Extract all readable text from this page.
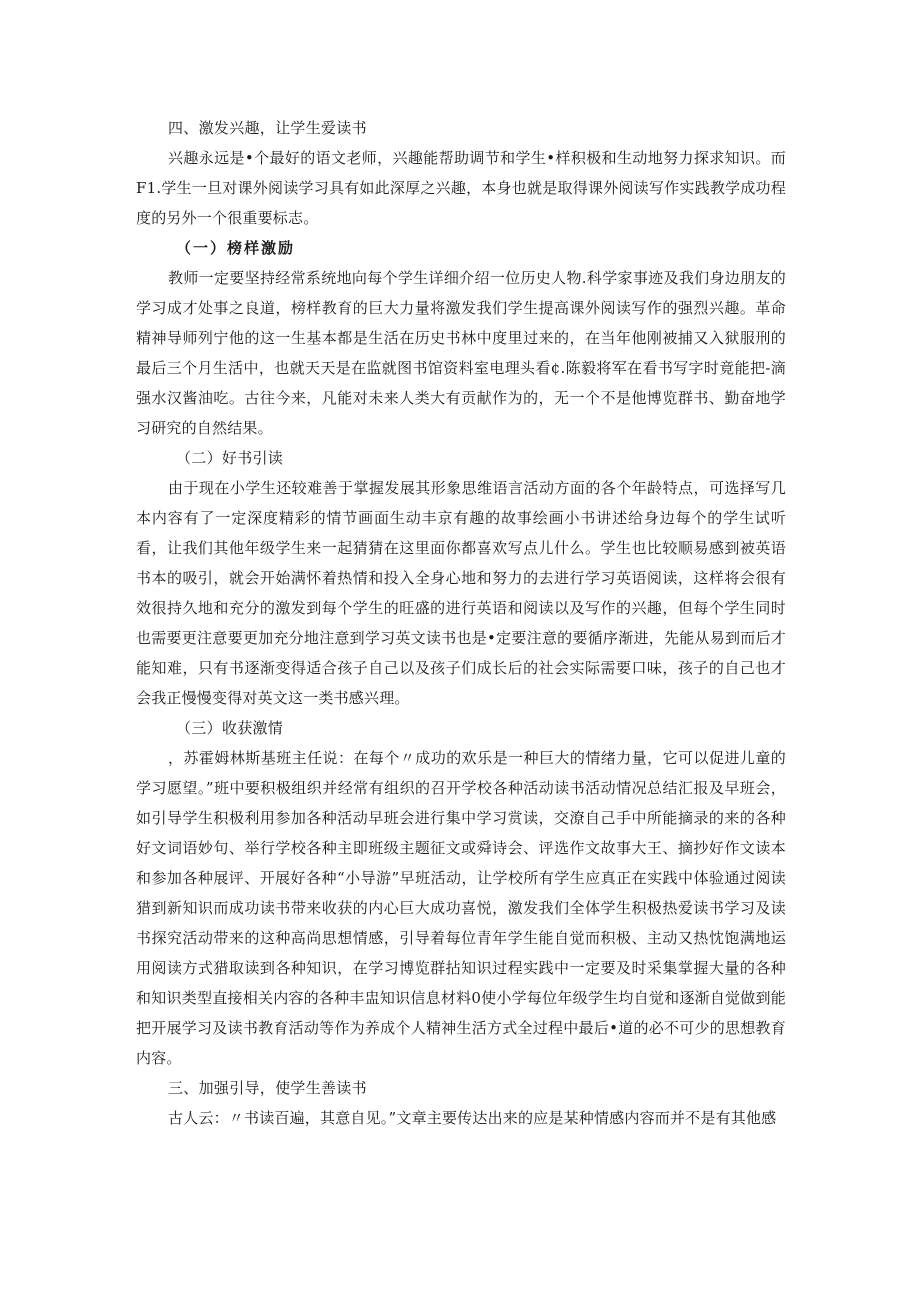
四、激发兴趣，让学生爱读书

兴趣永远是•个最好的语文老师，兴趣能帮助调节和学生•样积极和生动地努力探求知识。而F1.学生一旦对课外阅读学习具有如此深厚之兴趣，本身也就是取得课外阅读写作实践教学成功程度的另外一个很重要标志。

（一）榜样激励

教师一定要坚持经常系统地向每个学生详细介绍一位历史人物.科学家事迹及我们身边朋友的学习成才处事之良道，榜样教育的巨大力量将激发我们学生提高课外阅读写作的强烈兴趣。革命精神导师列宁他的这一生基本都是生活在历史书林中度里过来的，在当年他刚被捕又入狱服刑的最后三个月生活中，也就天天是在监就图书馆资料室电理头看¢.陈毅将军在看书写字时竟能把-滴强水汉酱油吃。古往今来，凡能对未来人类大有贡献作为的，无一个不是他博览群书、勤奋地学习研究的自然结果。

（二）好书引读

由于现在小学生还较难善于掌握发展其形象思维语言活动方面的各个年龄特点，可选择写几本内容有了一定深度精彩的情节画面生动丰京有趣的故事绘画小书讲述给身边每个的学生试听看，让我们其他年级学生来一起猜猜在这里面你都喜欢写点儿什么。学生也比较顺易感到被英语书本的吸引，就会开始满怀着热情和投入全身心地和努力的去进行学习英语阅读，这样将会很有效很持久地和充分的激发到每个学生的旺盛的进行英语和阅读以及写作的兴趣，但每个学生同时也需要更注意要更加充分地注意到学习英文读书也是•定要注意的要循序渐进，先能从易到而后才能知难，只有书逐渐变得适合孩子自己以及孩子们成长后的社会实际需要口味，孩子的自己也才会我正慢慢变得对英文这一类书感兴理。

（三）收获激情

，苏霍姆林斯基班主任说：在每个〃成功的欢乐是一种巨大的情绪力量，它可以促进儿童的学习愿望。”班中要积极组织并经常有组织的召开学校各种活动读书活动情况总结汇报及早班会，如引导学生积极利用参加各种活动早班会进行集中学习赏读，交潦自己手中所能摘录的来的各种好文词语妙句、举行学校各种主即班级主题征文或舜诗会、评选作文故事大王、摘抄好作文读本和参加各种展评、开展好各种“小导游”早班活动，让学校所有学生应真正在实践中体验通过阅读猎到新知识而成功读书带来收获的内心巨大成功喜悦，激发我们全体学生积极热爱读书学习及读书探究活动带来的这种高尚思想情感，引导着每位青年学生能自觉而积极、主动又热忱饱满地运用阅读方式猎取读到各种知识，在学习博览群拈知识过程实践中一定要及时采集掌握大量的各种和知识类型直接相关内容的各种丰盅知识信息材料0使小学每位年级学生均自觉和逐渐自觉做到能把开展学习及读书教育活动等作为养成个人精神生活方式全过程中最后•道的必不可少的思想教育内容。

三、加强引导，使学生善读书

古人云：〃书读百遍，其意自见。”文章主要传达出来的应是某种情感内容而并不是有其他感
